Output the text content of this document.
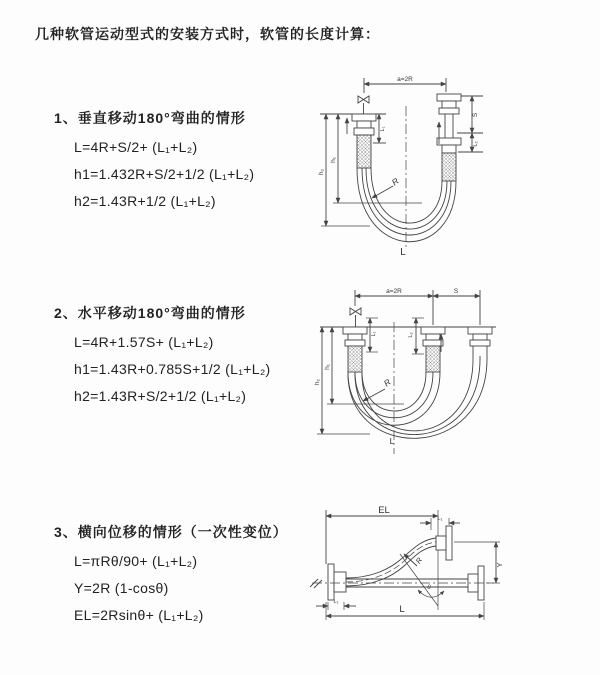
几种软管运动型式的安装方式时，软管的长度计算：
1、垂直移动180°弯曲的情形
L=4R+S/2+ (L₁+L₂)
h1=1.432R+S/2+1/2 (L₁+L₂)
h2=1.43R+1/2 (L₁+L₂)
a=2R
L₁
S
L₂
h₁
h₂
R
L
2、水平移动180°弯曲的情形
L=4R+1.57S+ (L₁+L₂)
h1=1.43R+0.785S+1/2 (L₁+L₂)
h2=1.43R+S/2+1/2 (L₁+L₂)
a=2R	S
L₁	L₂
h₁
h₂	R
L
3、横向位移的情形（一次性变位）
L=πRθ/90+ (L₁+L₂)
Y=2R (1-cosθ)
EL=2Rsinθ+ (L₁+L₂)
EL
L₁
R
θ
Y
L
L₁
